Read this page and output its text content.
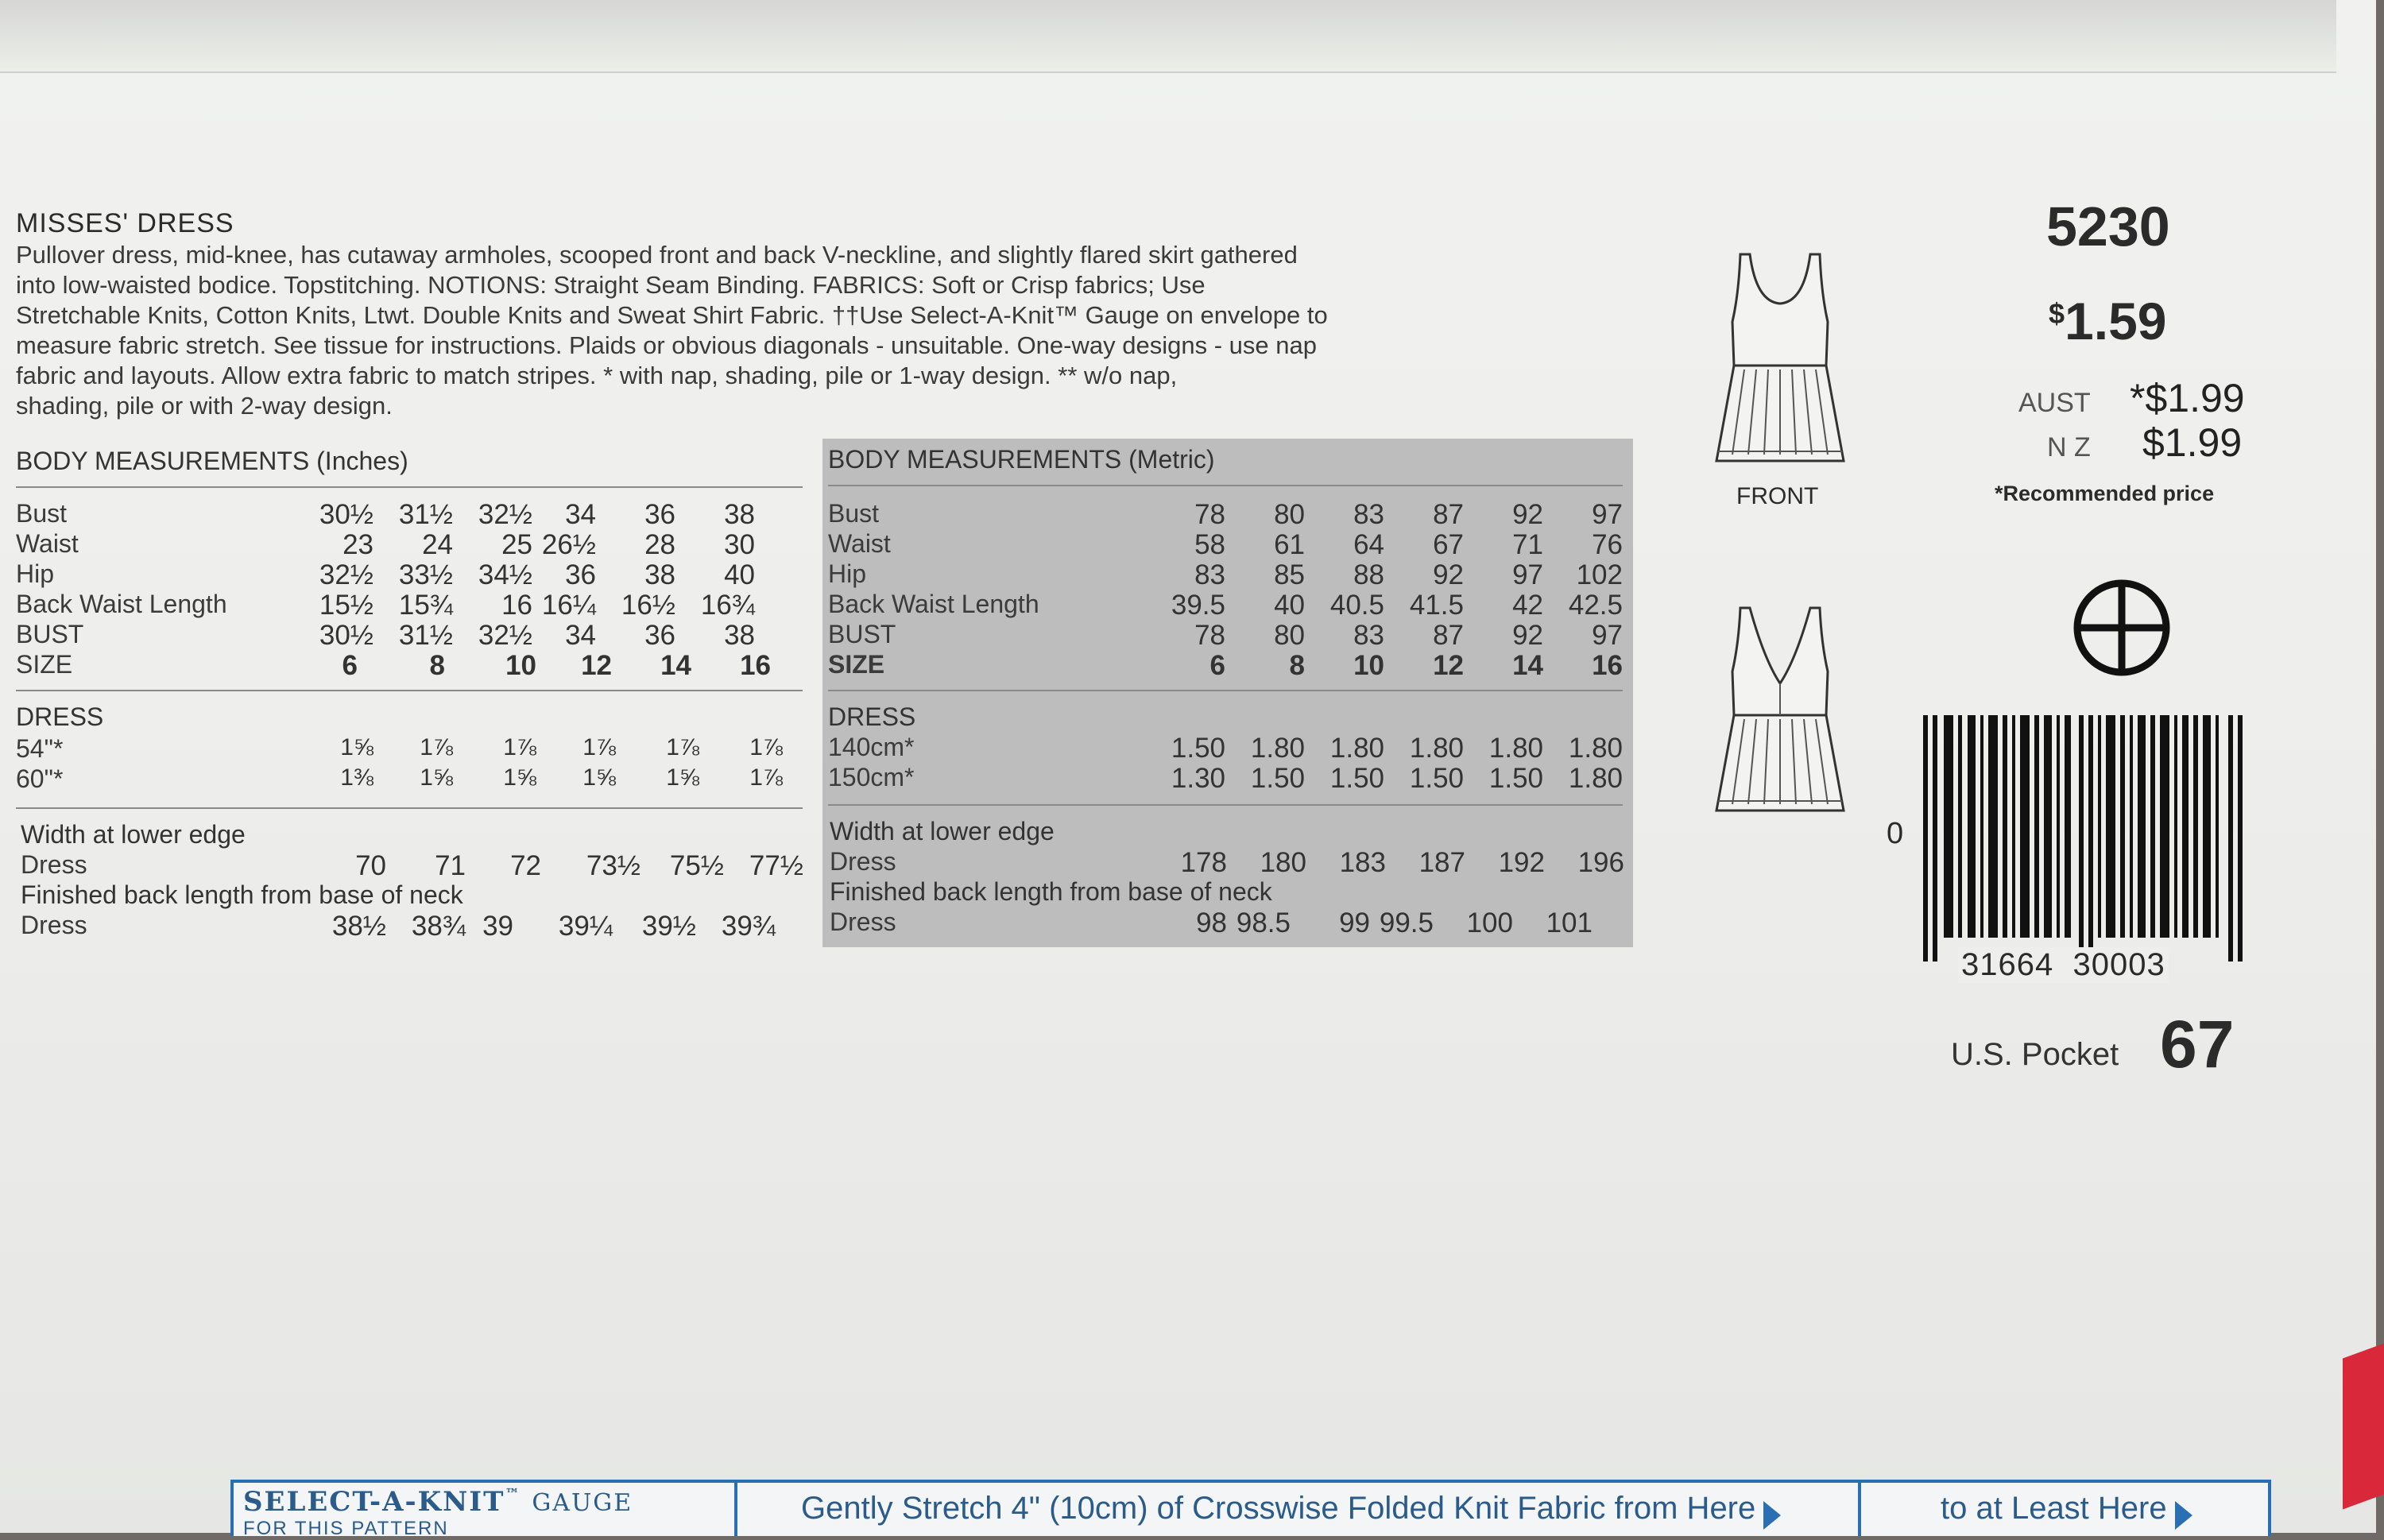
MISSES' DRESS

Pullover dress, mid-knee, has cutaway armholes, scooped front and back V-neckline, and slightly flared skirt gathered

into low-waisted bodice. Topstitching. NOTIONS: Straight Seam Binding. FABRICS: Soft or Crisp fabrics; Use

Stretchable Knits, Cotton Knits, Ltwt. Double Knits and Sweat Shirt Fabric. ††Use Select-A-Knit™ Gauge on envelope to

measure fabric stretch. See tissue for instructions. Plaids or obvious diagonals - unsuitable. One-way designs - use nap

fabric and layouts. Allow extra fabric to match stripes. * with nap, shading, pile or 1-way design. ** w/o nap,

shading, pile or with 2-way design.

BODY MEASUREMENTS (Inches)
Bust	30½ 31½ 32½	34	36	38
Waist	23	24	25 26½	28	30
Hip	32½ 33½ 34½	36	38	40
Back Waist Length	15½ 15¾	16 16¼ 16½ 16¾
BUST	30½ 31½ 32½	34	36	38
SIZE	6	8	10	12	14	16
DRESS
54"*	1⅝	1⅞	1⅞	1⅞	1⅞	1⅞
60"*	1⅜	1⅝	1⅝	1⅝	1⅝	1⅞
Width at lower edge
Dress	70	71	72	73½	75½ 77½
Finished back length from base of neck
Dress	38½ 38¾ 39	39¼	39½ 39¾
BODY MEASUREMENTS (Metric)
Bust	78	80	83	87	92	97
Waist	58	61	64	67	71	76
Hip	83	85	88	92	97	102
Back Waist Length	39.5	40 40.5 41.5	42 42.5
BUST	78	80	83	87	92	97
SIZE	6	8	10	12	14	16
DRESS
140cm*	1.50 1.80 1.80 1.80 1.80 1.80
150cm*	1.30 1.50 1.50 1.50 1.50 1.80
Width at lower edge
Dress	178	180	183	187	192	196
Finished back length from base of neck
Dress	98 98.5	99 99.5	100	101
FRONT
5230
$1.59
AUST *$1.99
N Z $1.99
*Recommended price
0
31664  30003
U.S. Pocket 67
SELECT-A-KNIT™ GAUGE
FOR THIS PATTERN
Gently Stretch 4" (10cm) of Crosswise Folded Knit Fabric from Here	to at Least Here
